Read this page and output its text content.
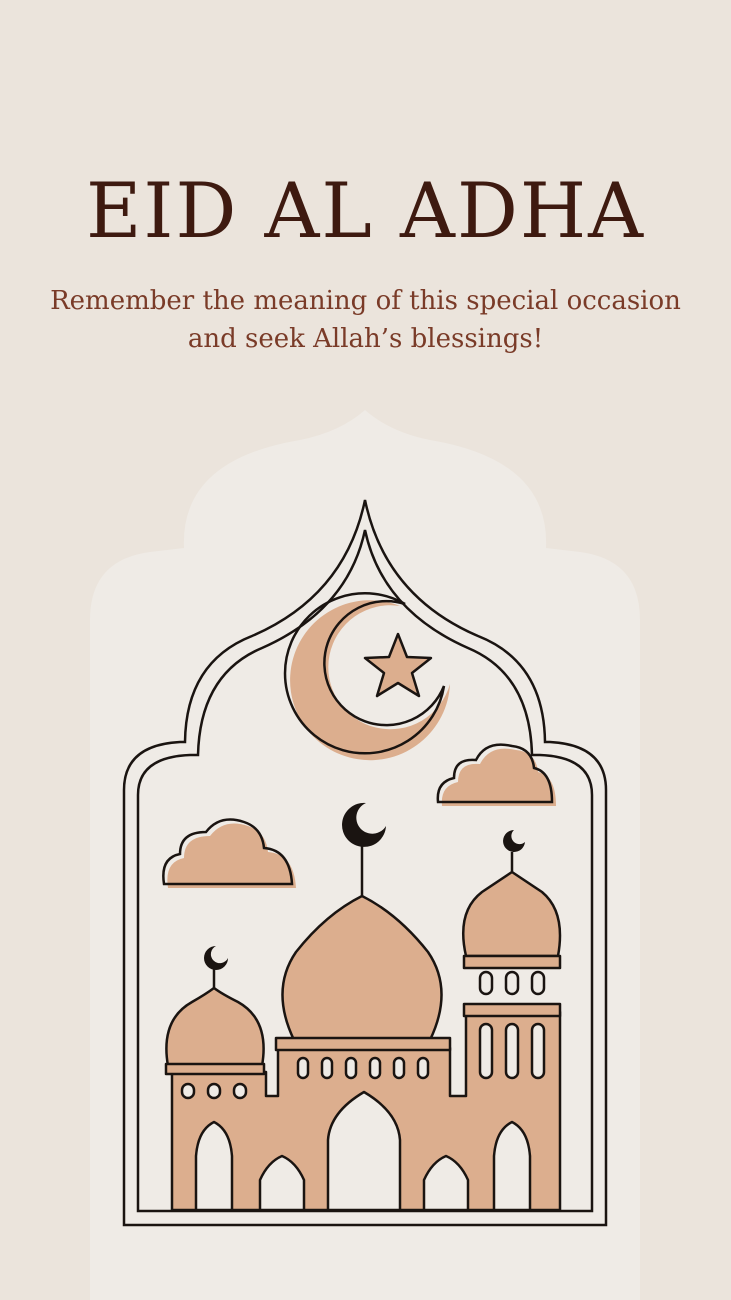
EID AL ADHA
Remember the meaning of this special occasion
and seek Allah’s blessings!
